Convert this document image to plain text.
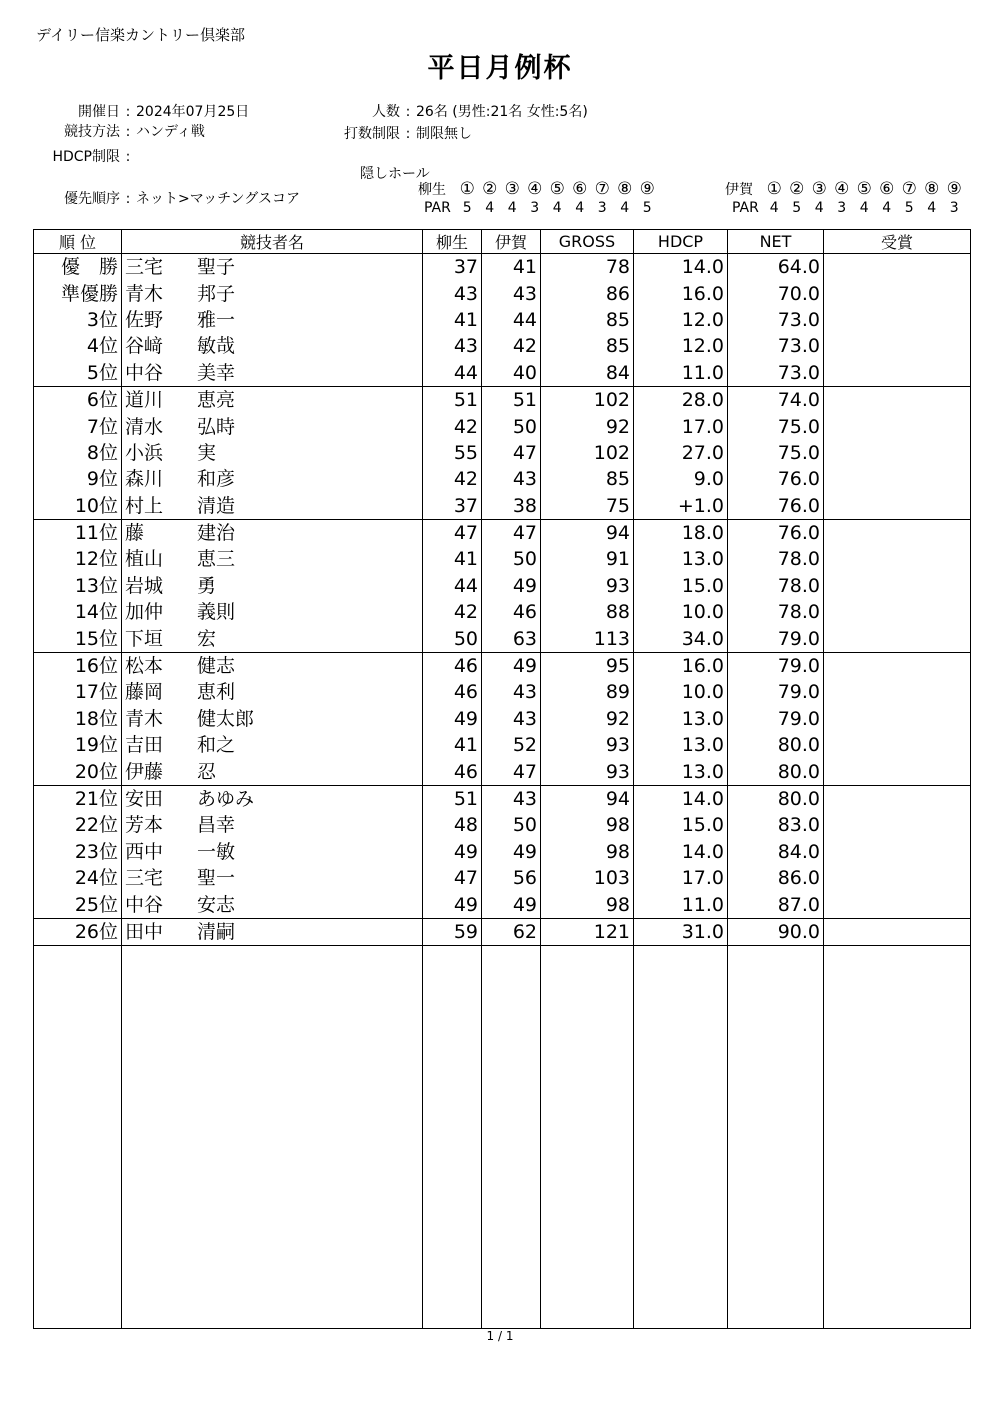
デイリー信楽カントリー倶楽部
平日月例杯
開催日 : 2024年07月25日
競技方法 : ハンディ戦
HDCP制限 :
優先順序 : ネット>マッチングスコア
人数 : 26名 (男性:21名 女性:5名)
打数制限 : 制限無し
隠しホール
柳生 ① ② ③ ④ ⑤ ⑥ ⑦ ⑧ ⑨
PAR 5 4 4 3 4 4 3 4 5
伊賀 ① ② ③ ④ ⑤ ⑥ ⑦ ⑧ ⑨
PAR 4 5 4 3 4 4 5 4 3
順 位	競技者名	柳生	伊賀	GROSS	HDCP	NET	受賞
優　勝	三宅 聖子	37	41	78	14.0	64.0	
準優勝	青木 邦子	43	43	86	16.0	70.0	
3位	佐野 雅一	41	44	85	12.0	73.0	
4位	谷﨑 敏哉	43	42	85	12.0	73.0	
5位	中谷 美幸	44	40	84	11.0	73.0	
6位	道川 恵亮	51	51	102	28.0	74.0	
7位	清水 弘時	42	50	92	17.0	75.0	
8位	小浜 実	55	47	102	27.0	75.0	
9位	森川 和彦	42	43	85	9.0	76.0	
10位	村上 清造	37	38	75	+1.0	76.0	
11位	藤 建治	47	47	94	18.0	76.0	
12位	植山 恵三	41	50	91	13.0	78.0	
13位	岩城 勇	44	49	93	15.0	78.0	
14位	加仲 義則	42	46	88	10.0	78.0	
15位	下垣 宏	50	63	113	34.0	79.0	
16位	松本 健志	46	49	95	16.0	79.0	
17位	藤岡 恵利	46	43	89	10.0	79.0	
18位	青木 健太郎	49	43	92	13.0	79.0	
19位	吉田 和之	41	52	93	13.0	80.0	
20位	伊藤 忍	46	47	93	13.0	80.0	
21位	安田 あゆみ	51	43	94	14.0	80.0	
22位	芳本 昌幸	48	50	98	15.0	83.0	
23位	西中 一敏	49	49	98	14.0	84.0	
24位	三宅 聖一	47	56	103	17.0	86.0	
25位	中谷 安志	49	49	98	11.0	87.0	
26位	田中 清嗣	59	62	121	31.0	90.0	

1 / 1
